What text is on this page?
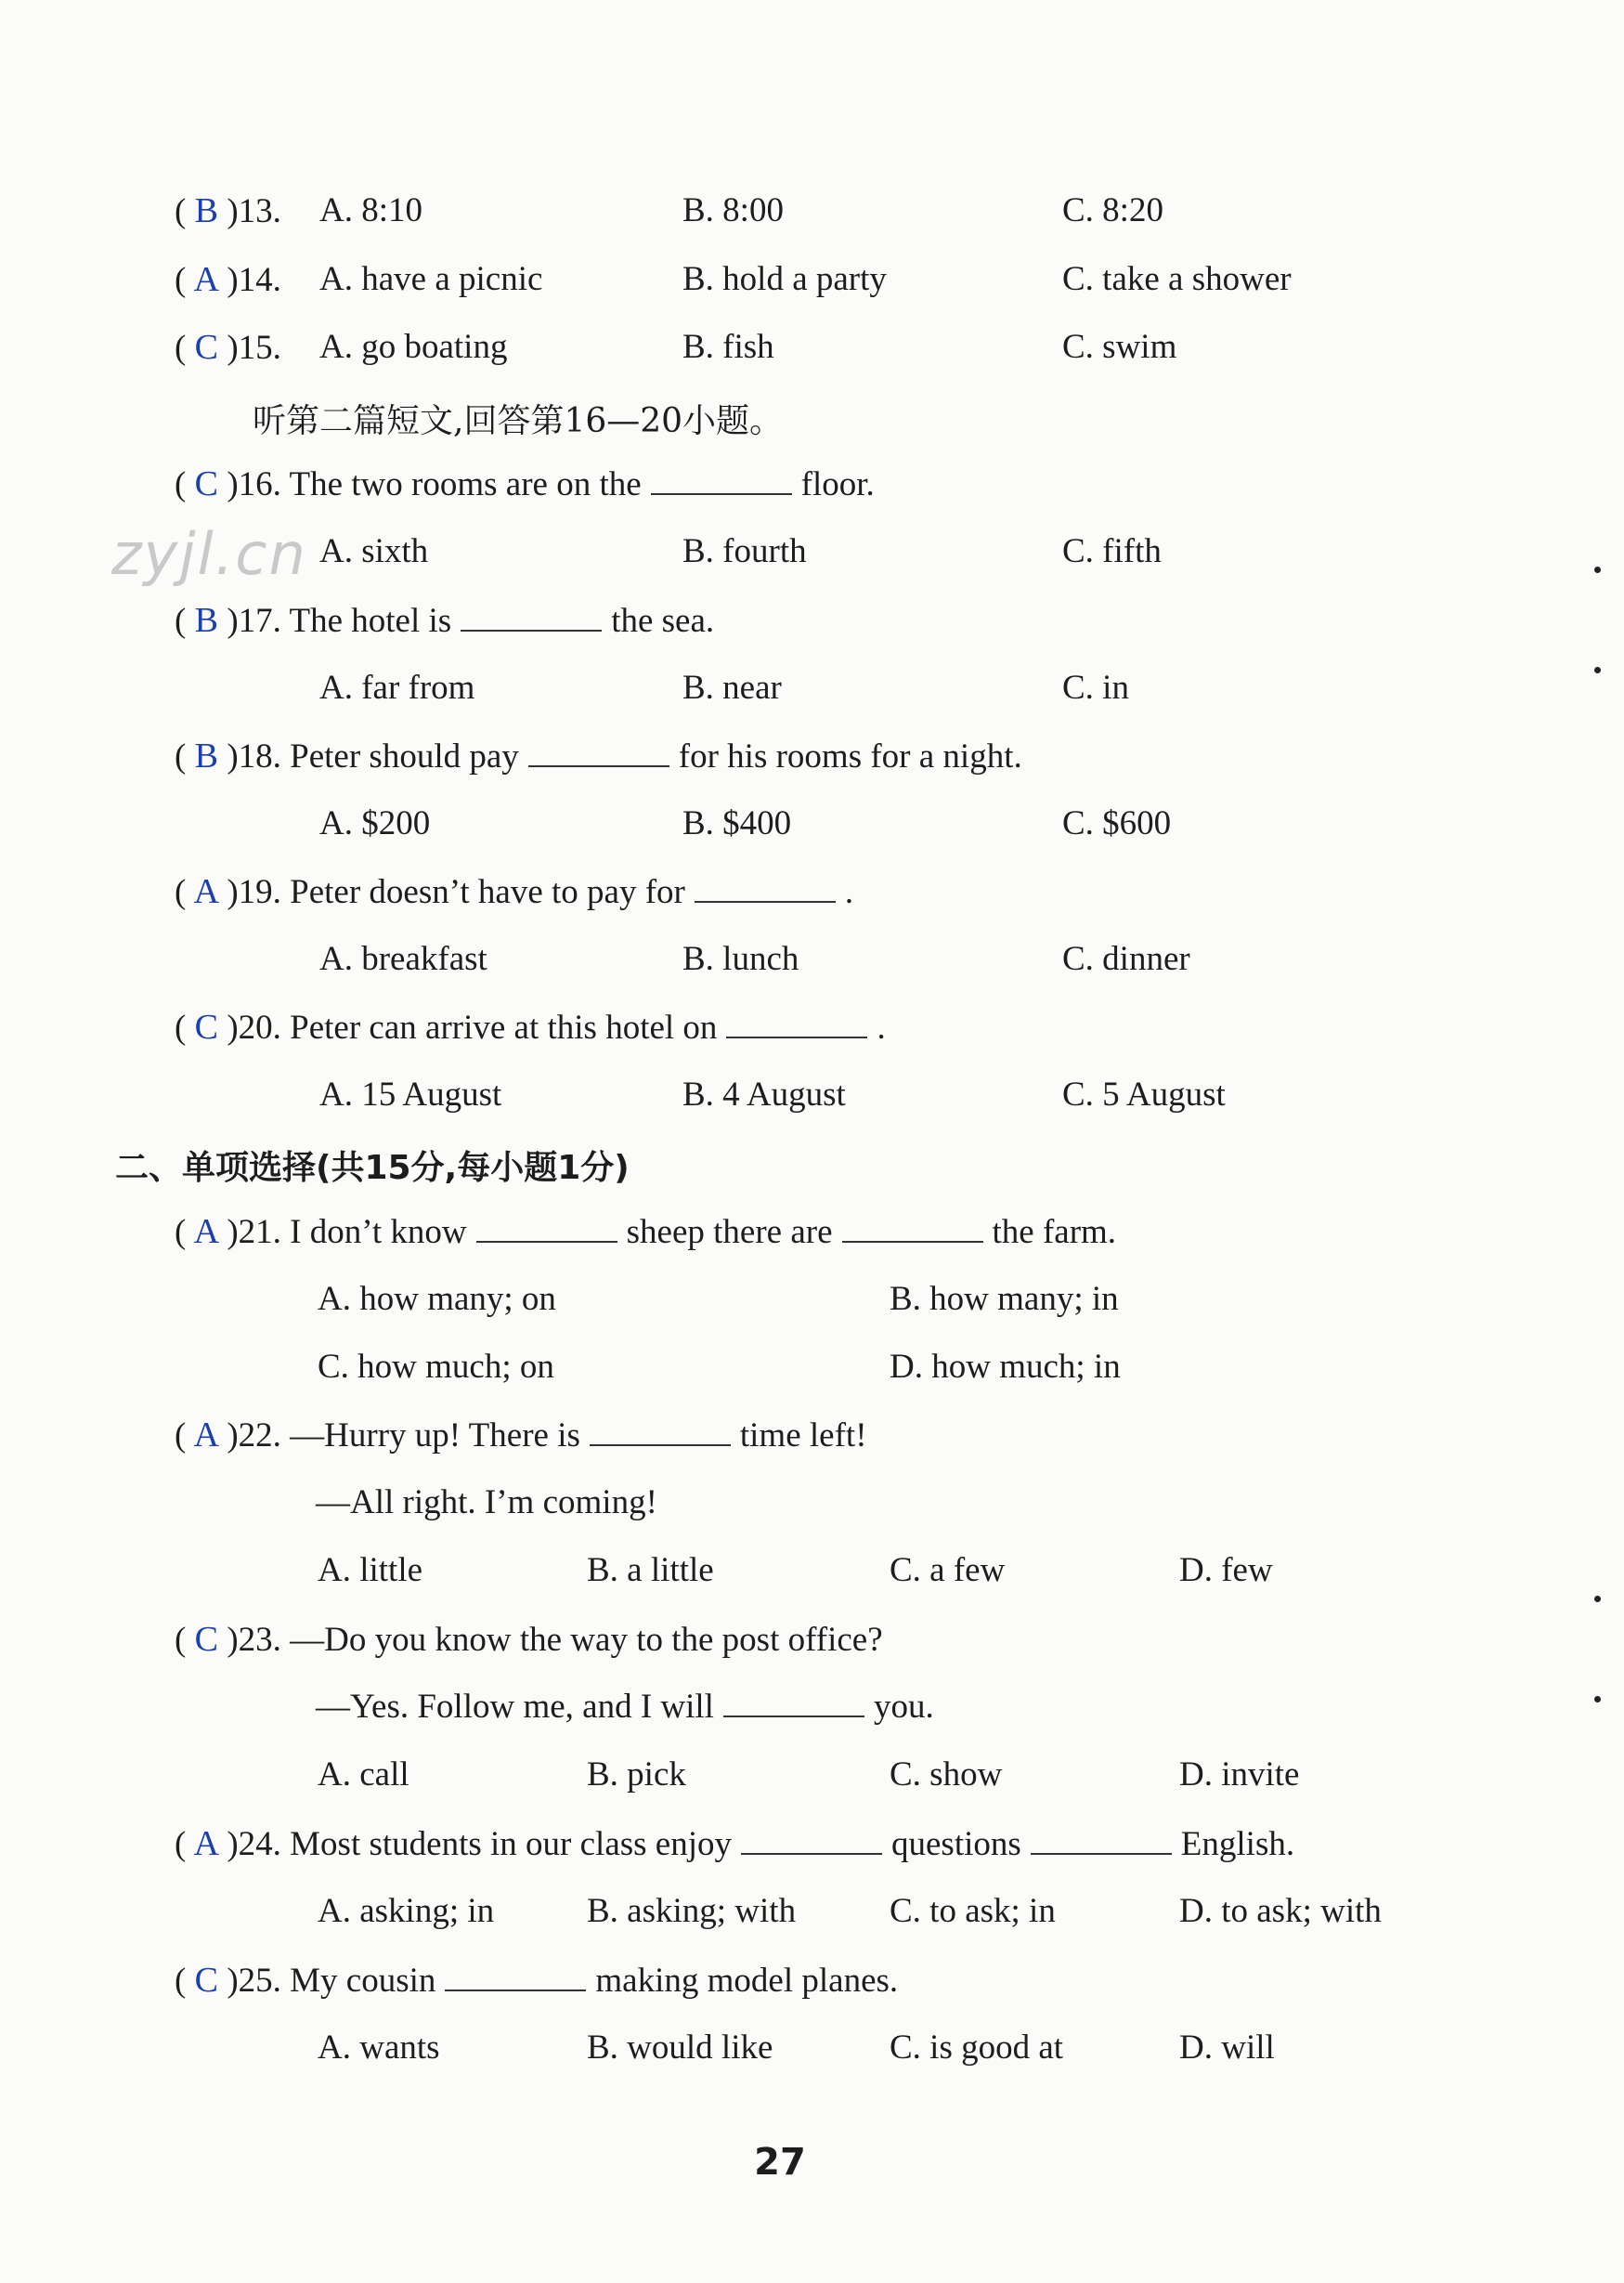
zyjl.cn
( B )13. A. 8:10	B. 8:00	C. 8:20
( A )14. A. have a picnic	B. hold a party	C. take a shower
( C )15. A. go boating	B. fish	C. swim
听第二篇短文,回答第16—20小题。
( C )16. The two rooms are on the	floor.
A. sixth	B. fourth	C. fifth
( B )17. The hotel is	the sea.
A. far from	B. near	C. in
( B )18. Peter should pay	for his rooms for a night.
A. $200	B. $400	C. $600
( A )19. Peter doesn’t have to pay for	.
A. breakfast	B. lunch	C. dinner
( C )20. Peter can arrive at this hotel on	.
A. 15 August	B. 4 August	C. 5 August
二、单项选择(共15分,每小题1分)
( A )21. I don’t know	sheep there are	the farm.
A. how many; on	B. how many; in
C. how much; on	D. how much; in
( A )22. —Hurry up! There is	time left!
—All right. I’m coming!
A. little	B. a little	C. a few	D. few
( C )23. —Do you know the way to the post office?
—Yes. Follow me, and I will	you.
A. call	B. pick	C. show	D. invite
( A )24. Most students in our class enjoy	questions	English.
A. asking; in	B. asking; with	C. to ask; in	D. to ask; with
( C )25. My cousin	making model planes.
A. wants	B. would like	C. is good at	D. will
27
